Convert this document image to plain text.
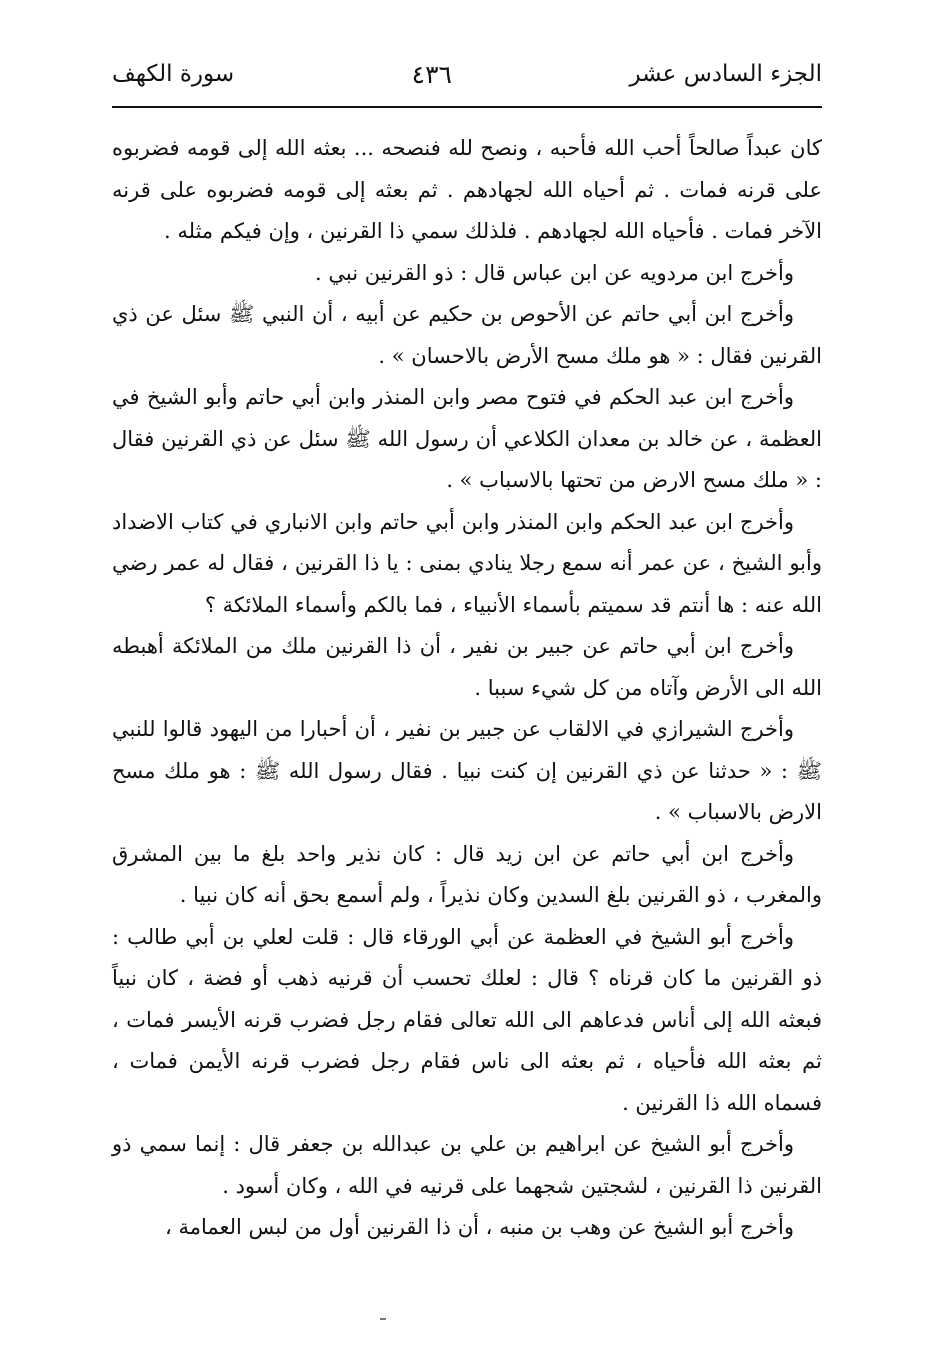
الجزء السادس عشر
٤٣٦
سورة الكهف

كان عبداً صالحاً أحب الله فأحبه ، ونصح لله فنصحه ... بعثه الله إلى قومه فضربوه على قرنه فمات . ثم أحياه الله لجهادهم . ثم بعثه إلى قومه فضربوه على قرنه الآخر فمات . فأحياه الله لجهادهم . فلذلك سمي ذا القرنين ، وإن فيكم مثله .

وأخرج ابن مردويه عن ابن عباس قال : ذو القرنين نبي .

وأخرج ابن أبي حاتم عن الأحوص بن حكيم عن أبيه ، أن النبي ﷺ سئل عن ذي القرنين فقال : « هو ملك مسح الأرض بالاحسان » .

وأخرج ابن عبد الحكم في فتوح مصر وابن المنذر وابن أبي حاتم وأبو الشيخ في العظمة ، عن خالد بن معدان الكلاعي أن رسول الله ﷺ سئل عن ذي القرنين فقال : « ملك مسح الارض من تحتها بالاسباب » .

وأخرج ابن عبد الحكم وابن المنذر وابن أبي حاتم وابن الانباري في كتاب الاضداد وأبو الشيخ ، عن عمر أنه سمع رجلا ينادي بمنى : يا ذا القرنين ، فقال له عمر رضي الله عنه : ها أنتم قد سميتم بأسماء الأنبياء ، فما بالكم وأسماء الملائكة ؟

وأخرج ابن أبي حاتم عن جبير بن نفير ، أن ذا القرنين ملك من الملائكة أهبطه الله الى الأرض وآتاه من كل شيء سببا .

وأخرج الشيرازي في الالقاب عن جبير بن نفير ، أن أحبارا من اليهود قالوا للنبي ﷺ : « حدثنا عن ذي القرنين إن كنت نبيا . فقال رسول الله ﷺ : هو ملك مسح الارض بالاسباب » .

وأخرج ابن أبي حاتم عن ابن زيد قال : كان نذير واحد بلغ ما بين المشرق والمغرب ، ذو القرنين بلغ السدين وكان نذيراً ، ولم أسمع بحق أنه كان نبيا .

وأخرج أبو الشيخ في العظمة عن أبي الورقاء قال : قلت لعلي بن أبي طالب : ذو القرنين ما كان قرناه ؟ قال : لعلك تحسب أن قرنيه ذهب أو فضة ، كان نبياً فبعثه الله إلى أناس فدعاهم الى الله تعالى فقام رجل فضرب قرنه الأيسر فمات ، ثم بعثه الله فأحياه ، ثم بعثه الى ناس فقام رجل فضرب قرنه الأيمن فمات ، فسماه الله ذا القرنين .

وأخرج أبو الشيخ عن ابراهيم بن علي بن عبدالله بن جعفر قال : إنما سمي ذو القرنين ذا القرنين ، لشجتين شجهما على قرنيه في الله ، وكان أسود .

وأخرج أبو الشيخ عن وهب بن منبه ، أن ذا القرنين أول من لبس العمامة ،
